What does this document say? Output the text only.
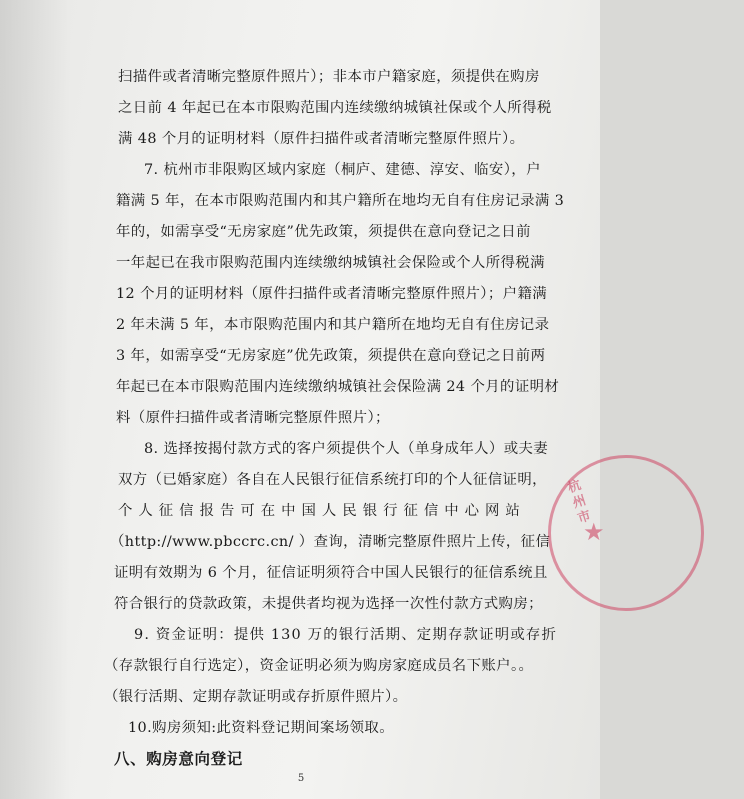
扫描件或者清晰完整原件照片）；非本市户籍家庭，须提供在购房
之日前 4 年起已在本市限购范围内连续缴纳城镇社保或个人所得税
满 48 个月的证明材料（原件扫描件或者清晰完整原件照片）。
7. 杭州市非限购区域内家庭（桐庐、建德、淳安、临安），户
籍满 5 年，在本市限购范围内和其户籍所在地均无自有住房记录满 3
年的，如需享受“无房家庭”优先政策，须提供在意向登记之日前
一年起已在我市限购范围内连续缴纳城镇社会保险或个人所得税满
12 个月的证明材料（原件扫描件或者清晰完整原件照片）；户籍满
2 年未满 5 年，本市限购范围内和其户籍所在地均无自有住房记录
3 年，如需享受“无房家庭”优先政策，须提供在意向登记之日前两
年起已在本市限购范围内连续缴纳城镇社会保险满 24 个月的证明材
料（原件扫描件或者清晰完整原件照片）；
8. 选择按揭付款方式的客户须提供个人（单身成年人）或夫妻
双方（已婚家庭）各自在人民银行征信系统打印的个人征信证明，
个人征信报告可在中国人民银行征信中心网站
（http://www.pbccrc.cn/ ）查询，清晰完整原件照片上传，征信
证明有效期为 6 个月，征信证明须符合中国人民银行的征信系统且
符合银行的贷款政策，未提供者均视为选择一次性付款方式购房；
9. 资金证明：提供 130 万的银行活期、定期存款证明或存折
（存款银行自行选定），资金证明必须为购房家庭成员名下账户。。
（银行活期、定期存款证明或存折原件照片）。
10.购房须知:此资料登记期间案场领取。
八、购房意向登记
杭州市
★
5
